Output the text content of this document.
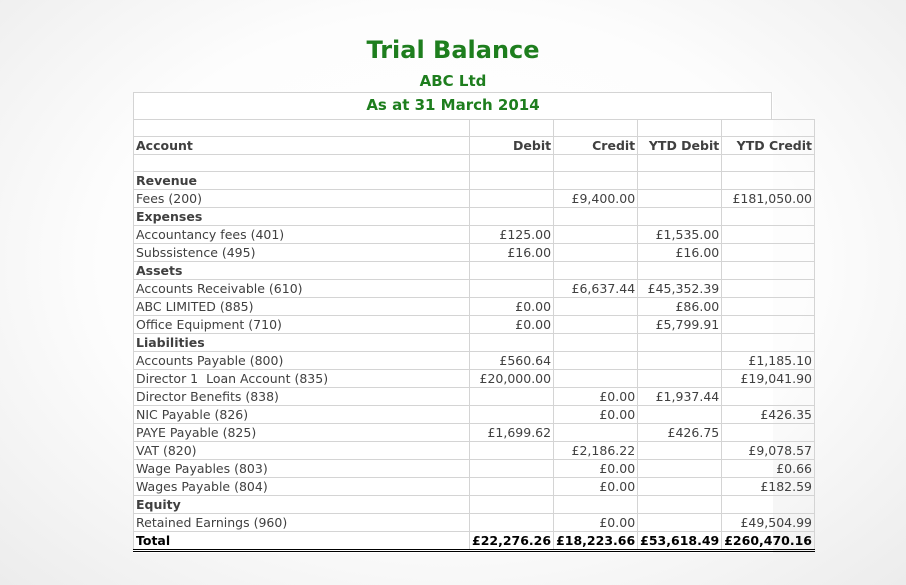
Trial Balance
ABC Ltd
As at 31 March 2014

Account	Debit	Credit	YTD Debit	YTD Credit

Revenue				
Fees (200)		£9,400.00		£181,050.00
Expenses				
Accountancy fees (401)	£125.00		£1,535.00	
Subssistence (495)	£16.00		£16.00	
Assets				
Accounts Receivable (610)		£6,637.44	£45,352.39	
ABC LIMITED (885)	£0.00		£86.00	
Office Equipment (710)	£0.00		£5,799.91	
Liabilities				
Accounts Payable (800)	£560.64			£1,185.10
Director 1  Loan Account (835)	£20,000.00			£19,041.90
Director Benefits (838)		£0.00	£1,937.44	
NIC Payable (826)		£0.00		£426.35
PAYE Payable (825)	£1,699.62		£426.75	
VAT (820)		£2,186.22		£9,078.57
Wage Payables (803)		£0.00		£0.66
Wages Payable (804)		£0.00		£182.59
Equity				
Retained Earnings (960)		£0.00		£49,504.99
Total	£22,276.26	£18,223.66	£53,618.49	£260,470.16
